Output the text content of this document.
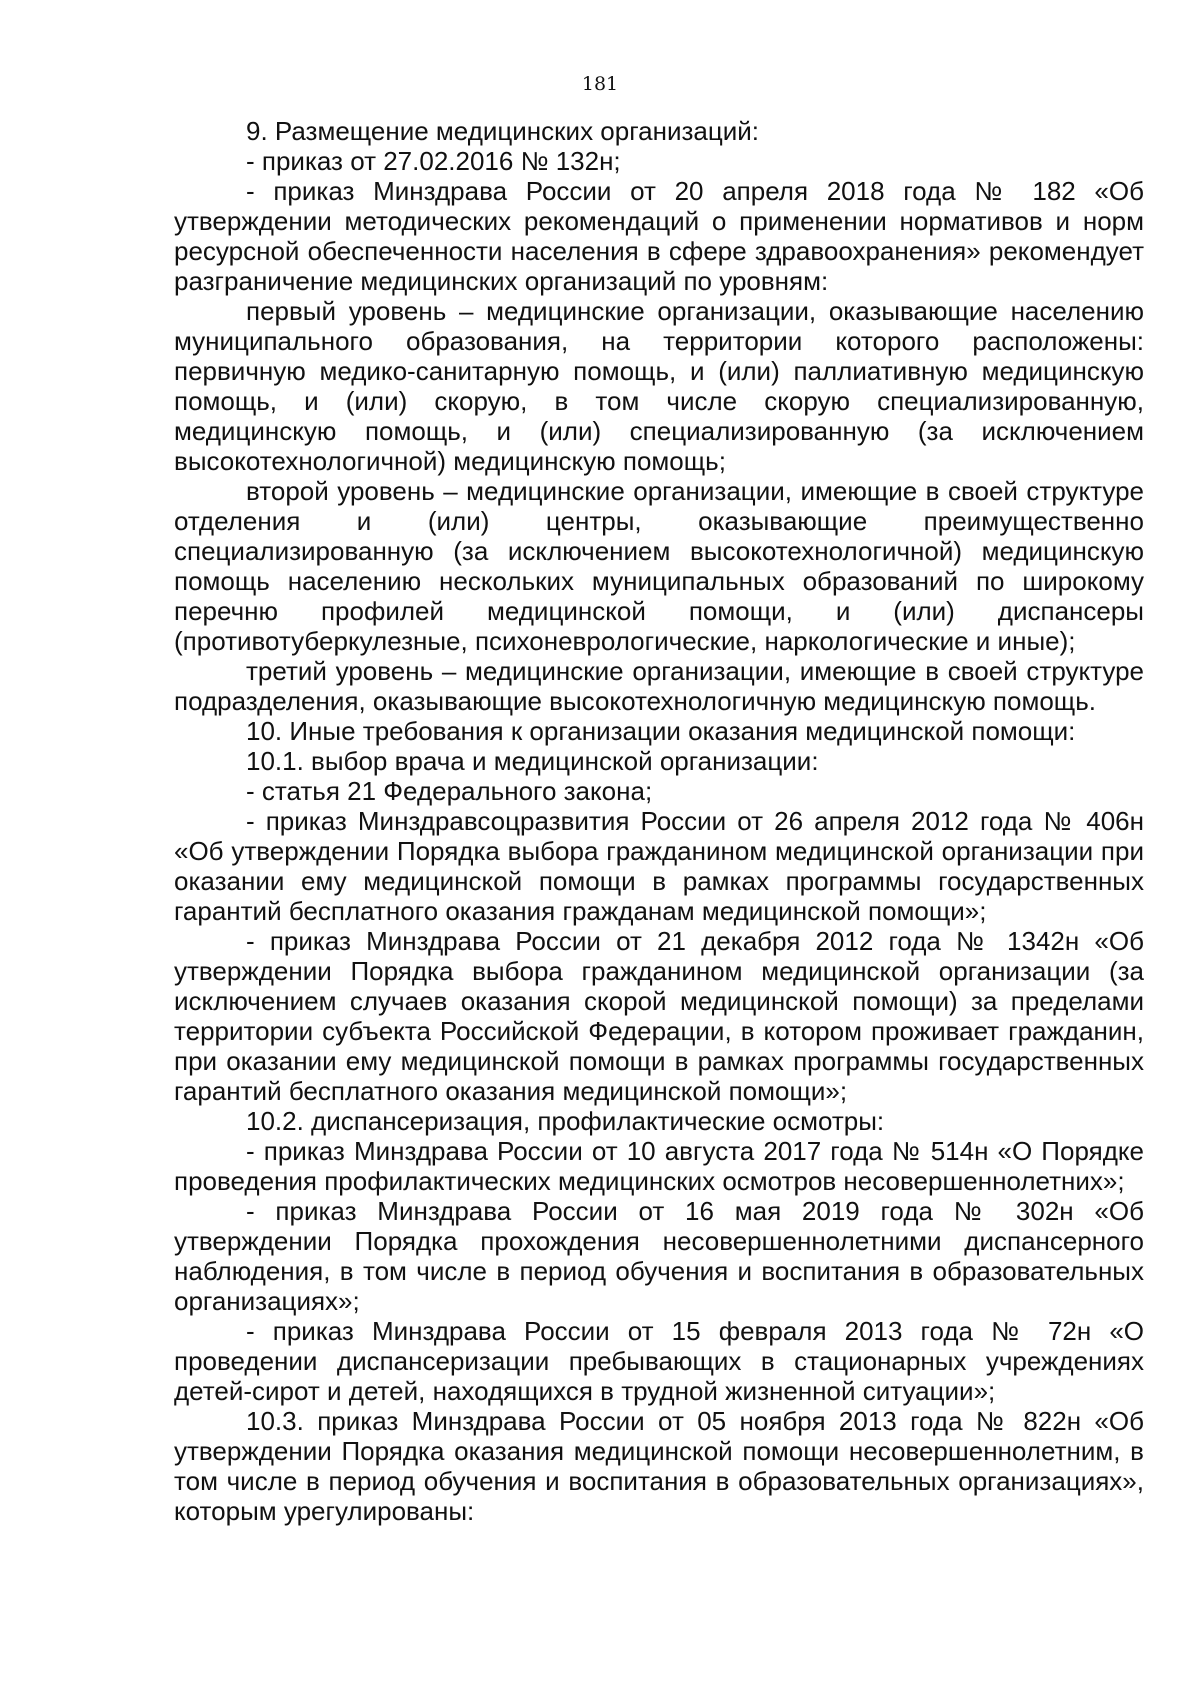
181

9. Размещение медицинских организаций:

- приказ от 27.02.2016 № 132н;

- приказ Минздрава России от 20 апреля 2018 года № 182 «Об утверждении методических рекомендаций о применении нормативов и норм ресурсной обеспеченности населения в сфере здравоохранения» рекомендует разграничение медицинских организаций по уровням:

первый уровень – медицинские организации, оказывающие населению муниципального образования, на территории которого расположены: первичную медико-санитарную помощь, и (или) паллиативную медицинскую помощь, и (или) скорую, в том числе скорую специализированную, медицинскую помощь, и (или) специализированную (за исключением высокотехнологичной) медицинскую помощь;

второй уровень – медицинские организации, имеющие в своей структуре отделения и (или) центры, оказывающие преимущественно специализированную (за исключением высокотехнологичной) медицинскую помощь населению нескольких муниципальных образований по широкому перечню профилей медицинской помощи, и (или) диспансеры (противотуберкулезные, психоневрологические, наркологические и иные);

третий уровень – медицинские организации, имеющие в своей структуре подразделения, оказывающие высокотехнологичную медицинскую помощь.

10. Иные требования к организации оказания медицинской помощи:

10.1. выбор врача и медицинской организации:

- статья 21 Федерального закона;

- приказ Минздравсоцразвития России от 26 апреля 2012 года № 406н «Об утверждении Порядка выбора гражданином медицинской организации при оказании ему медицинской помощи в рамках программы государственных гарантий бесплатного оказания гражданам медицинской помощи»;

- приказ Минздрава России от 21 декабря 2012 года № 1342н «Об утверждении Порядка выбора гражданином медицинской организации (за исключением случаев оказания скорой медицинской помощи) за пределами территории субъекта Российской Федерации, в котором проживает гражданин, при оказании ему медицинской помощи в рамках программы государственных гарантий бесплатного оказания медицинской помощи»;

10.2. диспансеризация, профилактические осмотры:

- приказ Минздрава России от 10 августа 2017 года № 514н «О Порядке проведения профилактических медицинских осмотров несовершеннолетних»;

- приказ Минздрава России от 16 мая 2019 года № 302н «Об утверждении Порядка прохождения несовершеннолетними диспансерного наблюдения, в том числе в период обучения и воспитания в образовательных организациях»;

- приказ Минздрава России от 15 февраля 2013 года № 72н «О проведении диспансеризации пребывающих в стационарных учреждениях детей-сирот и детей, находящихся в трудной жизненной ситуации»;

10.3. приказ Минздрава России от 05 ноября 2013 года № 822н «Об утверждении Порядка оказания медицинской помощи несовершеннолетним, в том числе в период обучения и воспитания в образовательных организациях», которым урегулированы:
